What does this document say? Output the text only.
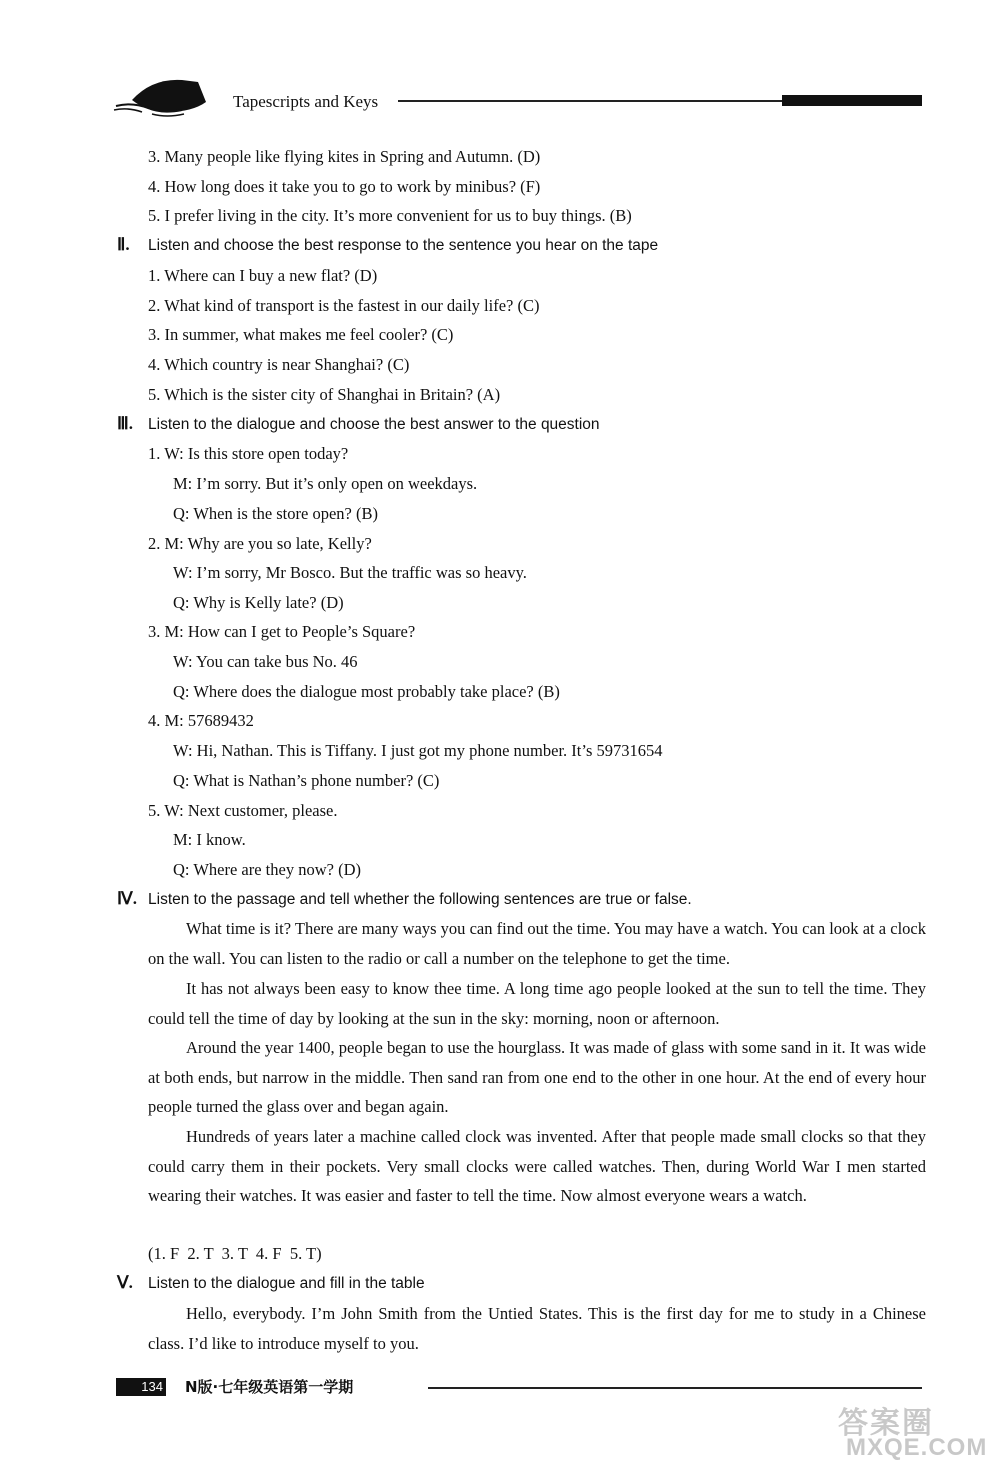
Tapescripts and Keys
3. Many people like flying kites in Spring and Autumn. (D)
4. How long does it take you to go to work by minibus? (F)
5. I prefer living in the city. It’s more convenient for us to buy things. (B)
Ⅱ. Listen and choose the best response to the sentence you hear on the tape
1. Where can I buy a new flat? (D)
2. What kind of transport is the fastest in our daily life? (C)
3. In summer, what makes me feel cooler? (C)
4. Which country is near Shanghai? (C)
5. Which is the sister city of Shanghai in Britain? (A)
Ⅲ. Listen to the dialogue and choose the best answer to the question
1. W: Is this store open today?
M: I’m sorry. But it’s only open on weekdays.
Q: When is the store open? (B)
2. M: Why are you so late, Kelly?
W: I’m sorry, Mr Bosco. But the traffic was so heavy.
Q: Why is Kelly late? (D)
3. M: How can I get to People’s Square?
W: You can take bus No. 46
Q: Where does the dialogue most probably take place? (B)
4. M: 57689432
W: Hi, Nathan. This is Tiffany. I just got my phone number. It’s 59731654
Q: What is Nathan’s phone number? (C)
5. W: Next customer, please.
M: I know.
Q: Where are they now? (D)
Ⅳ. Listen to the passage and tell whether the following sentences are true or false.
What time is it? There are many ways you can find out the time. You may have a watch. You can look at a clock on the wall. You can listen to the radio or call a number on the telephone to get the time.
It has not always been easy to know thee time. A long time ago people looked at the sun to tell the time. They could tell the time of day by looking at the sun in the sky: morning, noon or afternoon.
Around the year 1400, people began to use the hourglass. It was made of glass with some sand in it. It was wide at both ends, but narrow in the middle. Then sand ran from one end to the other in one hour. At the end of every hour people turned the glass over and began again.
Hundreds of years later a machine called clock was invented. After that people made small clocks so that they could carry them in their pockets. Very small clocks were called watches. Then, during World War I men started wearing their watches. It was easier and faster to tell the time. Now almost everyone wears a watch.
(1. F  2. T  3. T  4. F  5. T)
Ⅴ. Listen to the dialogue and fill in the table
Hello, everybody. I’m John Smith from the Untied States. This is the first day for me to study in a Chinese class. I’d like to introduce myself to you.
134 N版·七年级英语第一学期
答案圈
MXQE.COM
